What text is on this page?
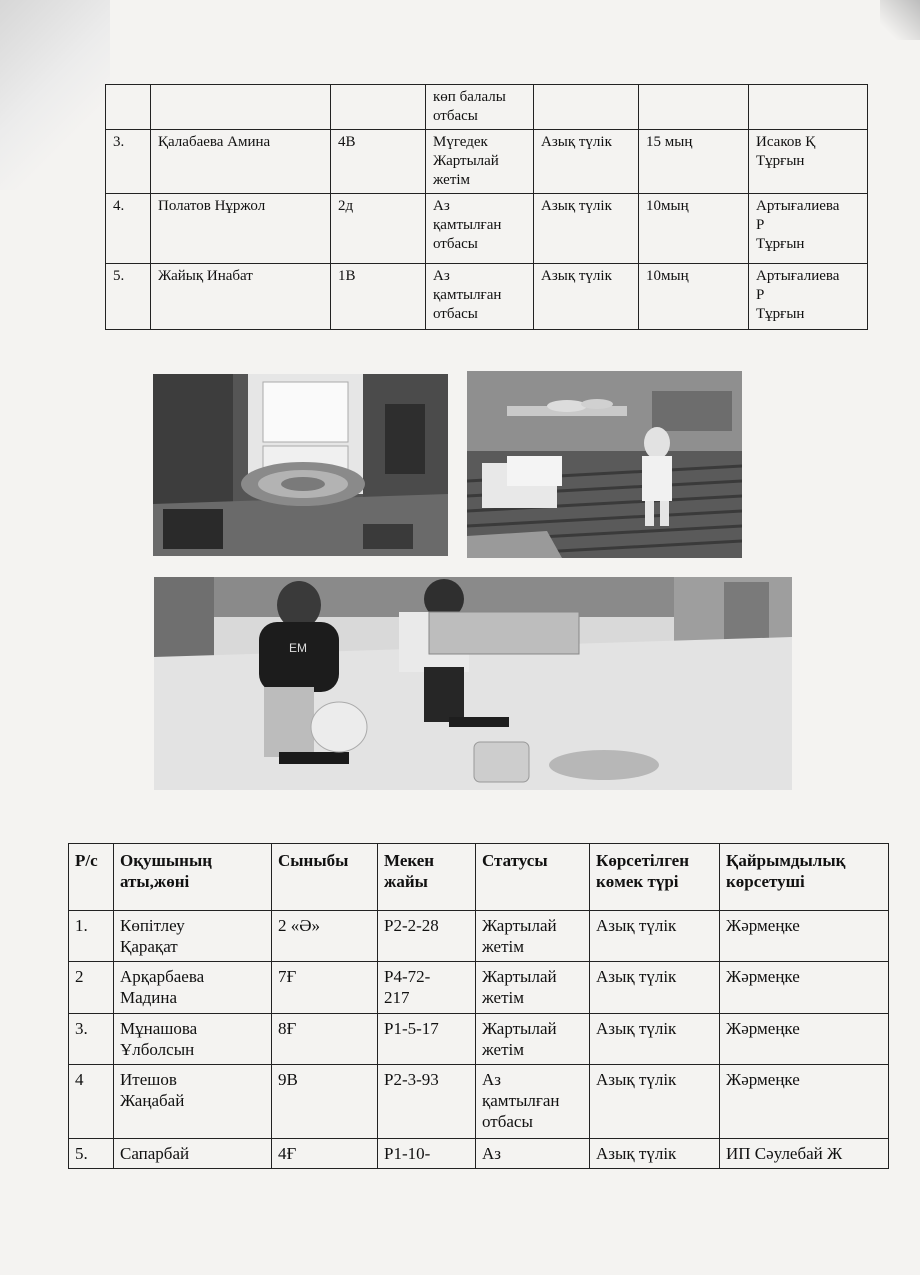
			көп балалы
отбасы			
3.	Қалабаева Амина	4В	Мүгедек
Жартылай
жетім	Азық түлік	15 мың	Исаков Қ
Тұрғын
4.	Полатов Нұржол	2д	Аз
қамтылған
отбасы	Азық түлік	10мың	Артығалиева
Р
Тұрғын
5.	Жайық Инабат	1В	Аз
қамтылған
отбасы	Азық түлік	10мың	Артығалиева
Р
Тұрғын
EM
Р/с	Оқушының
аты,жөні	Сыныбы	Мекен
жайы	Статусы	Көрсетілген
көмек түрі	Қайрымдылық
көрсетуші
1.	Көпітлеу
Қарақат	2 «Ә»	Р2-2-28	Жартылай
жетім	Азық түлік	Жәрмеңке
2	Арқарбаева
Мадина	7Ғ	Р4-72-
217	Жартылай
жетім	Азық түлік	Жәрмеңке
3.	Мұнашова
Ұлболсын	8Ғ	Р1-5-17	Жартылай
жетім	Азық түлік	Жәрмеңке
4	Итешов
Жаңабай	9В	Р2-3-93	Аз
қамтылған
отбасы	Азық түлік	Жәрмеңке
5.	Сапарбай	4Ғ	Р1-10-	Аз	Азық түлік	ИП Сәулебай Ж
